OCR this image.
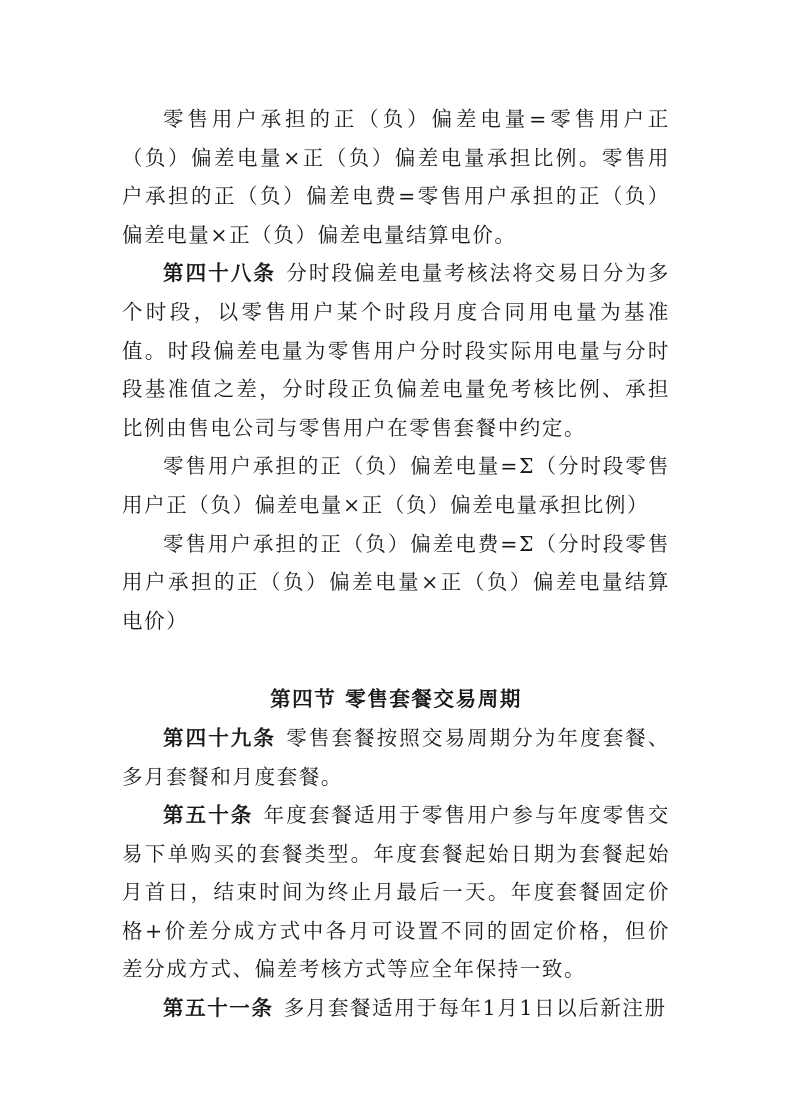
零售用户承担的正（负）偏差电量=零售用户正（负）偏差电量×正（负）偏差电量承担比例。零售用户承担的正（负）偏差电费=零售用户承担的正（负）偏差电量×正（负）偏差电量结算电价。

第四十八条 分时段偏差电量考核法将交易日分为多个时段，以零售用户某个时段月度合同用电量为基准值。时段偏差电量为零售用户分时段实际用电量与分时段基准值之差，分时段正负偏差电量免考核比例、承担比例由售电公司与零售用户在零售套餐中约定。

零售用户承担的正（负）偏差电量=Σ（分时段零售用户正（负）偏差电量×正（负）偏差电量承担比例）

零售用户承担的正（负）偏差电费=Σ（分时段零售用户承担的正（负）偏差电量×正（负）偏差电量结算电价）

第四节 零售套餐交易周期

第四十九条 零售套餐按照交易周期分为年度套餐、多月套餐和月度套餐。

第五十条 年度套餐适用于零售用户参与年度零售交易下单购买的套餐类型。年度套餐起始日期为套餐起始月首日，结束时间为终止月最后一天。年度套餐固定价格+价差分成方式中各月可设置不同的固定价格，但价差分成方式、偏差考核方式等应全年保持一致。

第五十一条 多月套餐适用于每年1月1日以后新注册
